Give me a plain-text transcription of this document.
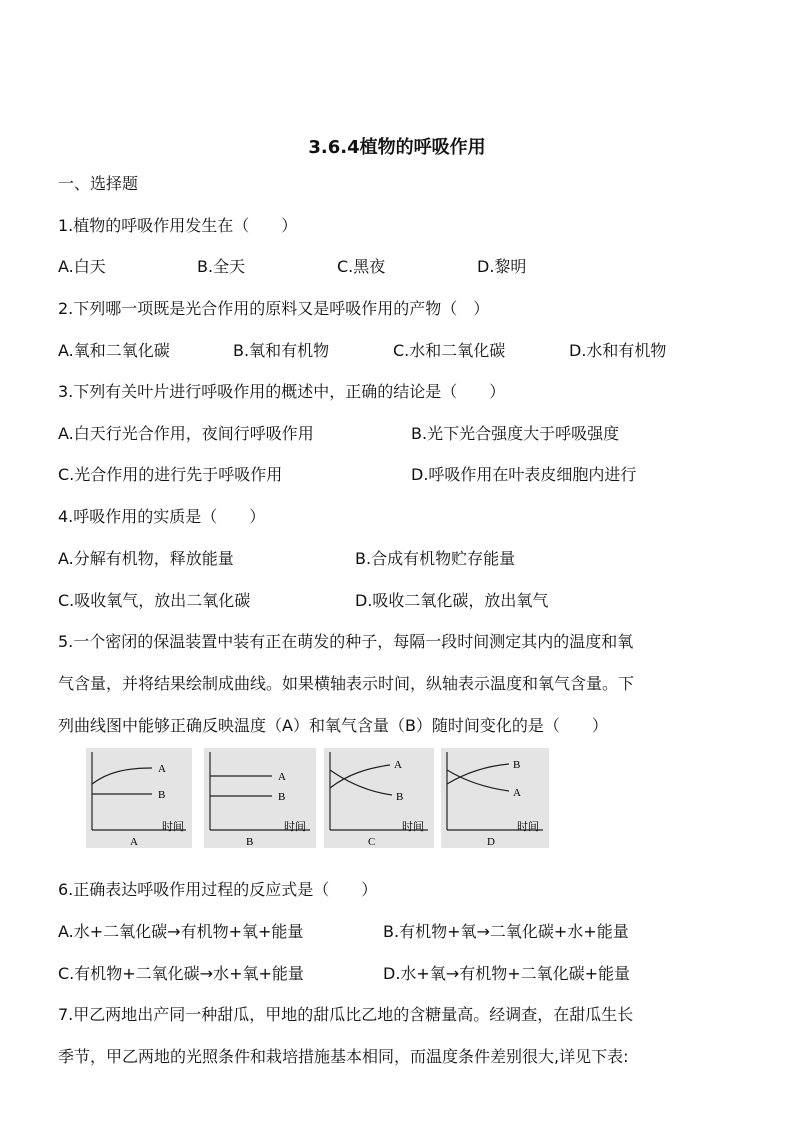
3.6.4植物的呼吸作用
一、选择题
1.植物的呼吸作用发生在（　　）
A.白天	B.全天	C.黑夜	D.黎明
2.下列哪一项既是光合作用的原料又是呼吸作用的产物（　）
A.氧和二氧化碳	B.氧和有机物	C.水和二氧化碳	D.水和有机物
3.下列有关叶片进行呼吸作用的概述中，正确的结论是（　　）
A.白天行光合作用，夜间行呼吸作用	B.光下光合强度大于呼吸强度
C.光合作用的进行先于呼吸作用	D.呼吸作用在叶表皮细胞内进行
4.呼吸作用的实质是（　　）
A.分解有机物，释放能量	B.合成有机物贮存能量
C.吸收氧气，放出二氧化碳	D.吸收二氧化碳，放出氧气
5.一个密闭的保温装置中装有正在萌发的种子，每隔一段时间测定其内的温度和氧
气含量，并将结果绘制成曲线。如果横轴表示时间，纵轴表示温度和氧气含量。下
列曲线图中能够正确反映温度（A）和氧气含量（B）随时间变化的是（　　）
A
B
时间
A
A
B
时间
B
A
B
时间
C
B
A
时间
D
6.正确表达呼吸作用过程的反应式是（　　）
A.水+二氧化碳→有机物+氧+能量	B.有机物+氧→二氧化碳+水+能量
C.有机物+二氧化碳→水+氧+能量	D.水+氧→有机物+二氧化碳+能量
7.甲乙两地出产同一种甜瓜，甲地的甜瓜比乙地的含糖量高。经调查，在甜瓜生长
季节，甲乙两地的光照条件和栽培措施基本相同，而温度条件差别很大,详见下表:
